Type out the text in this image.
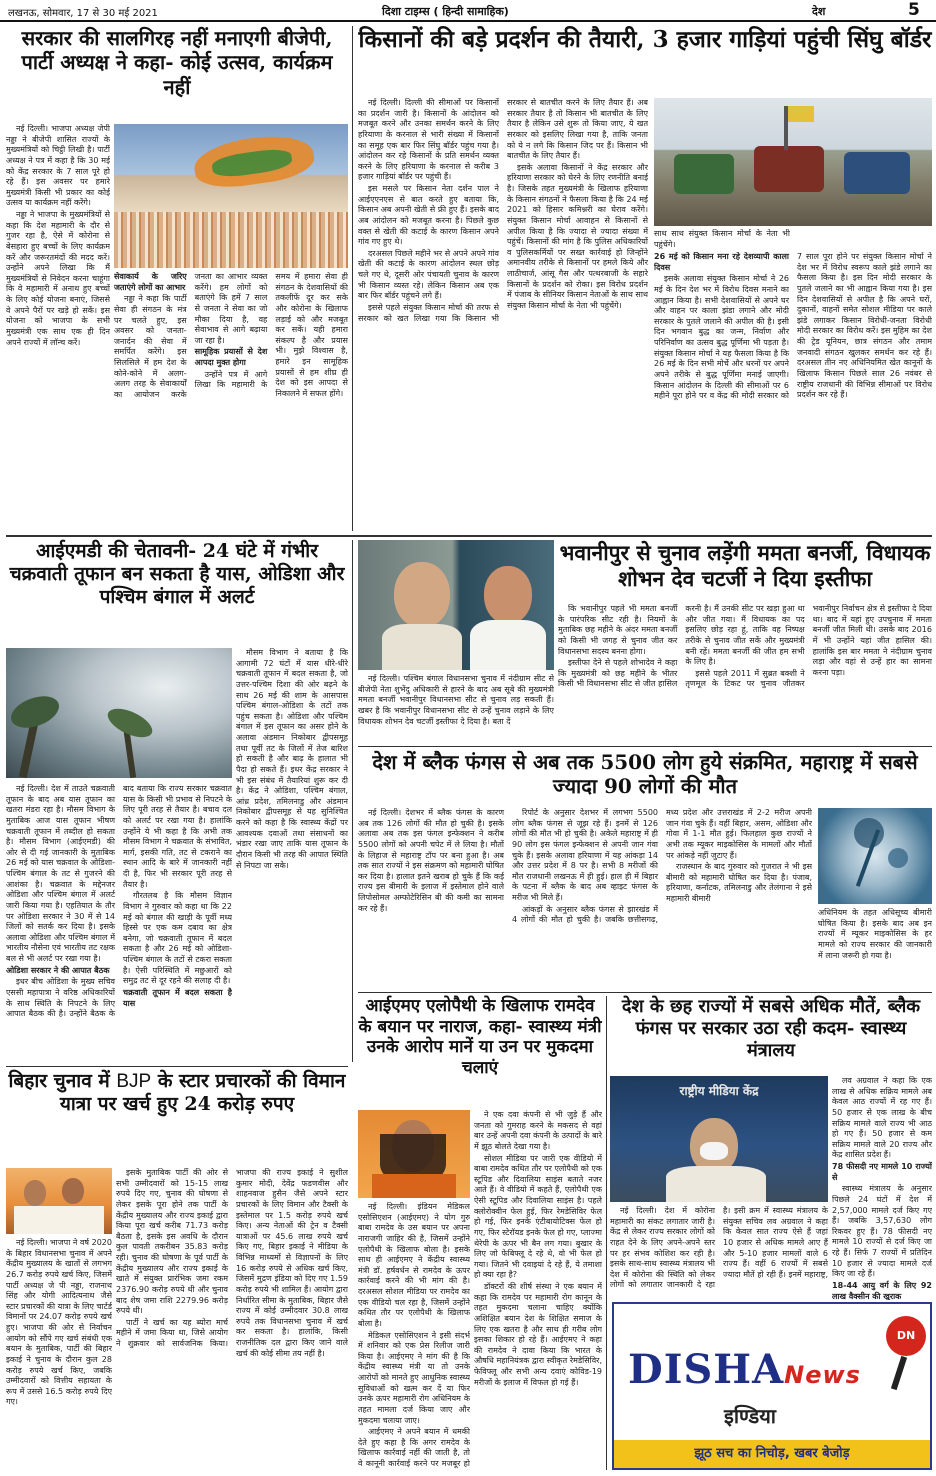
लखनऊ, सोमवार, 17 से 30 मई 2021	दिशा टाइम्स ( हिन्दी सामाहिक)	देश	5
सरकार की सालगिरह नहीं मनाएगी बीजेपी, पार्टी अध्यक्ष ने कहा- कोई उत्सव, कार्यक्रम नहीं

नई दिल्ली। भाजपा अध्यक्ष जेपी नड्डा ने बीजेपी शासित राज्यों के मुख्यमंत्रियों को चिट्ठी लिखी है। पार्टी अध्यक्ष ने पत्र में कहा है कि 30 मई को केंद्र सरकार के 7 साल पूरे हो रहे हैं। इस अवसर पर हमारे मुख्यमंत्री किसी भी प्रकार का कोई उत्सव या कार्यक्रम नहीं करेंगे।

नड्डा ने भाजपा के मुख्यमंत्रियों से कहा कि देश महामारी के दौर से गुजर रहा है, ऐसे में कोरोना से बेसहारा हुए बच्चों के लिए कार्यक्रम करें और जरूरतमंदों की मदद करें। उन्होंने अपने लिखा कि मैं मुख्यमंत्रियों से निवेदन करना चाहूंगा कि वे महामारी में अनाथ हुए बच्चों के लिए कोई योजना बनाएं, जिससे वे अपने पैरों पर खड़े हो सकें। इस योजना को भाजपा के सभी मुख्यमंत्री एक साथ एक ही दिन अपने राज्यों में लॉन्च करें।

सेवाकार्य के जरिए जताएंगे लोगों का आभार

नड्डा ने कहा कि पार्टी सेवा ही संगठन के मंत्र पर चलते हुए, इस अवसर को जनता-जनार्दन की सेवा में समर्पित करेंगे। इस सिलसिले में हम देश के कोने-कोने में अलग-अलग तरह के सेवाकार्यों का आयोजन करके जनता का आभार व्यक्त करेंगे। हम लोगों को बताएंगे कि हमें 7 साल से जनता ने सेवा का जो मौका दिया है, वह सेवाभाव से आगे बढ़ाया जा रहा है।

सामूहिक प्रयासों से देश आपदा मुक्त होगा

उन्होंने पत्र में आगे लिखा कि महामारी के समय में हमारा सेवा ही संगठन के देशवासियों की तकलीफें दूर कर सके और कोरोना के खिलाफ लड़ाई को और मजबूत कर सकें। यही हमारा संकल्प है और प्रयास भी। मुझे विश्वास है, हमारे इन सामूहिक प्रयासों से हम शीघ्र ही देश को इस आपदा से निकालने में सफल होंगे।

किसानों की बड़े प्रदर्शन की तैयारी, 3 हजार गाड़ियां पहुंची सिंघु बॉर्डर

साथ साथ संयुक्त किसान मोर्चा के नेता भी पहुंचेंगे।

नई दिल्ली। दिल्ली की सीमाओं पर किसानों का प्रदर्शन जारी है। किसानों के आंदोलन को मजबूत करने और उनका समर्थन करने के लिए हरियाणा के करनाल से भारी संख्या में किसानों का समूह एक बार फिर सिंघु बॉर्डर पहुंच गया है। आंदोलन कर रहे किसानों के प्रति समर्थन व्यक्त करने के लिए हरियाणा के करनाल से करीब 3 हजार गाड़ियां बॉर्डर पर पहुंची हैं।

इस मसले पर किसान नेता दर्शन पाल ने आईएएनएस से बात करते हुए बताया कि, किसान अब अपनी खेती से फ्री हुए हैं। इसके बाद अब आंदोलन को मजबूत करना है। पिछले कुछ वक्त से खेती की कटाई के कारण किसान अपने गांव गए हुए थे।

दरअसल पिछले महीने भर से अपने अपने गांव खेती की कटाई के कारण आंदोलन स्थल छोड़ चले गए थे, दूसरी ओर पंचायती चुनाव के कारण भी किसान व्यस्त रहे। लेकिन किसान अब एक बार फिर बॉर्डर पहुंचने लगे हैं।

इससे पहले संयुक्त किसान मोर्चा की तरफ से सरकार को खत लिखा गया कि किसान भी सरकार से बातचीत करने के लिए तैयार हैं। अब सरकार तैयार है तो किसान भी बातचीत के लिए तैयार है लेकिन उसे शुरू तो किया जाए, ये खत सरकार को इसलिए लिखा गया है, ताकि जनता को ये न लगे कि किसान जिद पर हैं। किसान भी बातचीत के लिए तैयार हैं।

इसके अलावा किसानों ने केंद्र सरकार और हरियाणा सरकार को घेरने के लिए रणनीति बनाई है। जिसके तहत मुख्यमंत्री के खिलाफ हरियाणा के किसान संगठनों ने फैसला किया है कि 24 मई 2021 को हिसार कमिश्नरी का घेराव करेंगे। संयुक्त किसान मोर्चा आवाहन से किसानों से अपील किया है कि ज्यादा से ज्यादा संख्या में पहुंचें। किसानों की मांग है कि पुलिस अधिकारियों व पुलिसकर्मियों पर सख्त कार्रवाई हो जिन्होंने अमानवीय तरीके से किसानों पर हमले किये और लाठीचार्ज, आंसू गैस और पत्थरबाजी के सहारे किसानों के प्रदर्शन को रोका। इस विरोध प्रदर्शन में पंजाब के सीनियर किसान नेताओं के साथ साथ संयुक्त किसान मोर्चा के नेता भी पहुंचेंगे।

26 मई को किसान मना रहे देशव्यापी काला दिवस

इसके अलावा संयुक्त किसान मोर्चा ने 26 मई के दिन देश भर में विरोध दिवस मनाने का आह्वान किया है। सभी देशवासियों से अपने घर और वाहन पर काला झंडा लगाने और मोदी सरकार के पुतले जलाने की अपील की है। इसी दिन भगवान बुद्ध का जन्म, निर्वाण और परिनिर्वाण का उत्सव बुद्ध पूर्णिमा भी पड़ता है। संयुक्त किसान मोर्चा ने यह फैसला किया है कि 26 मई के दिन सभी मोर्चे और धरनों पर अपने अपने तरीके से बुद्ध पूर्णिमा मनाई जाएगी। किसान आंदोलन के दिल्ली की सीमाओं पर 6 महीने पूरा होने पर व केंद्र की मोदी सरकार को 7 साल पूरा होने पर संयुक्त किसान मोर्चा ने देश भर में विरोध स्वरूप काले झंडे लगाने का फैसला किया है। इस दिन मोदी सरकार के पुतले जलाने का भी आह्वान किया गया है। इस दिन देशवासियों से अपील है कि अपने घरों, दुकानों, वाहनों समेत सोशल मीडिया पर काले झंडे लगाकर किसान विरोधी-जनता विरोधी मोदी सरकार का विरोध करें। इस मुहिम का देश की ट्रेड यूनियन, छात्र संगठन और तमाम जनवादी संगठन खुलकर समर्थन कर रहे हैं। दरअसल तीन नए अधिनियमित खेत कानूनों के खिलाफ किसान पिछले साल 26 नवंबर से राष्ट्रीय राजधानी की विभिन्न सीमाओं पर विरोध प्रदर्शन कर रहे हैं।

आईएमडी की चेतावनी- 24 घंटे में गंभीर चक्रवाती तूफान बन सकता है यास, ओडिशा और पश्चिम बंगाल में अलर्ट

मौसम विभाग ने बताया है कि आगामी 72 घंटों में यास धीरे-धीरे चक्रवाती तूफान में बदल सकता है, जो उत्तर-पश्चिम दिशा की ओर बढ़ने के साथ 26 मई की शाम के आसपास पश्चिम बंगाल-ओडिशा के तटों तक पहुंच सकता है। ओडिशा और पश्चिम बंगाल में इस तूफान का असर होने के अलावा अंडमान निकोबार द्वीपसमूह तथा पूर्वी तट के जिलों में तेज बारिश हो सकती है और बाढ़ के हालात भी पैदा हो सकते हैं। इधर केंद्र सरकार ने भी इस संबंध में तैयारियां शुरू कर दी है। केंद्र ने ओडिशा, पश्चिम बंगाल, आंध्र प्रदेश, तमिलनाडु और अंडमान निकोबार द्वीपसमूह से यह सुनिश्चित करने को कहा है कि स्वास्थ्य केंद्रों पर आवश्यक दवाओं तथा संसाधनों का भंडार रखा जाए ताकि यास तूफान के दौरान किसी भी तरह की आपात स्थिति से निपटा जा सके।

नई दिल्ली। देश में ताउते चक्रवाती तूफान के बाद अब यास तूफान का खतरा मंडरा रहा है। मौसम विभाग के मुताबिक आज यास तूफान भीषण चक्रवाती तूफान में तब्दील हो सकता है। मौसम विभाग (आईएमडी) की ओर से दी गई जानकारी के मुताबिक 26 मई को यास चक्रवात के ओडिशा-पश्चिम बंगाल के तट से गुजरने की आशंका है। चक्रवात के मद्देनजर ओडिशा और पश्चिम बंगाल में अलर्ट जारी किया गया है। एहतियात के तौर पर ओडिशा सरकार ने 30 में से 14 जिलों को सतर्क कर दिया है। इसके अलावा ओडिशा और पश्चिम बंगाल में भारतीय नौसेना एवं भारतीय तट रक्षक बल से भी अलर्ट पर रखा गया है।

ओडिशा सरकार ने की आपात बैठक

इधर बीच ओडिशा के मुख्य सचिव एससी महापात्रा ने वरिष्ठ अधिकारियों के साथ स्थिति के निपटने के लिए आपात बैठक की है। उन्होंने बैठक के बाद बताया कि राज्य सरकार चक्रवात यास के किसी भी प्रभाव से निपटने के लिए पूरी तरह से तैयार है। बचाव दल को अलर्ट पर रखा गया है। हालांकि उन्होंने ये भी कहा है कि अभी तक मौसम विभाग ने चक्रवात के संभावित, मार्ग, इसकी गति, तट से टकराने का स्थान आदि के बारे में जानकारी नहीं दी है, फिर भी सरकार पूरी तरह से तैयार है।

गौरतलब है कि मौसम विज्ञान विभाग ने गुरुवार को कहा था कि 22 मई को बंगाल की खाड़ी के पूर्वी मध्य हिस्से पर एक कम दबाव का क्षेत्र बनेगा, जो चक्रवाती तूफान में बदल सकता है और 26 मई को ओडिशा-पश्चिम बंगाल के तटों से टकरा सकता है। ऐसी परिस्थिति में मछुआरों को समुद्र तट से दूर रहने की सलाह दी है।

चक्रवाती तूफान में बदल सकता है यास

भवानीपुर से चुनाव लड़ेंगी ममता बनर्जी, विधायक शोभन देव चटर्जी ने दिया इस्तीफा

नई दिल्ली। पश्चिम बंगाल विधानसभा चुनाव में नंदीग्राम सीट से बीजेपी नेता शुभेंदु अधिकारी से हारने के बाद अब सूबे की मुख्यमंत्री ममता बनर्जी भवानीपुर विधानसभा सीट से चुनाव लड़ सकती हैं। खबर है कि भवानीपुर विधानसभा सीट से उन्हें चुनाव लड़ाने के लिए विधायक शोभन देव चटर्जी इस्तीफा दे दिया है। बता दें

कि भवानीपुर पहले भी ममता बनर्जी के पारंपरिक सीट रही है। नियमों के मुताबिक छह महीने के अंदर ममता बनर्जी को किसी भी जगह से चुनाव जीत कर विधानसभा सदस्य बनना होगा।

इस्तीफा देने से पहले शोभादेव ने कहा कि मुख्यमंत्री को छह महीने के भीतर किसी भी विधानसभा सीट से जीत हासिल करनी है। मैं उनकी सीट पर खड़ा हुआ था और जीत गया। मैं विधायक का पद इसलिए छोड़ रहा हूं, ताकि वह निष्पक्ष तरीके से चुनाव जीत सकें और मुख्यमंत्री बनी रहें। ममता बनर्जी की जीत हम सभी के लिए है।

इससे पहले 2011 में सुब्रत बक्शी ने तृणमूल के टिकट पर चुनाव जीतकर भवानीपुर निर्वाचन क्षेत्र से इस्तीफा दे दिया था। बाद में यहां हुए उपचुनाव में ममता बनर्जी जीत मिली थी। उसके बाद 2016 में भी उन्होंने यहां जीत हासिल की। हालांकि इस बार ममता ने नंदीग्राम चुनाव लड़ा और वहां से उन्हें हार का सामना करना पड़ा।

देश में ब्लैक फंगस से अब तक 5500 लोग हुये संक्रमित, महाराष्ट्र में सबसे ज्यादा 90 लोगों की मौत

अधिनियम के तहत अधिसूच्य बीमारी घोषित किया है। इसके बाद अब इन राज्यों में म्यूकर माइकोसिस के हर मामले को राज्य सरकार की जानकारी में लाना जरूरी हो गया है।

नई दिल्ली। देशभर में ब्लैक फंगस के कारण अब तक 126 लोगों की मौत हो चुकी है। इसके अलावा अब तक इस फंगल इन्फेक्शन ने करीब 5500 लोगों को अपनी चपेट में ले लिया है। मौतों के लिहाज से महाराष्ट्र टॉप पर बना हुआ है। अब तक सात राज्यों ने इस संक्रमण को महामारी घोषित कर दिया है। हालात इतने खराब हो चुके हैं कि कई राज्य इस बीमारी के इलाज में इस्तेमाल होने वाले लिपोसोमल अम्फोटेरिसिन बी की कमी का सामना कर रहे हैं।

रिपोर्ट के अनुसार देशभर में लगभग 5500 लोग ब्लैक फंगस से जूझ रहे हैं। इनमें से 126 लोगों की मौत भी हो चुकी है। अकेले महाराष्ट्र में ही 90 लोग इस फंगल इन्फेक्शन से अपनी जान गंवा चुके हैं। इसके अलावा हरियाणा में यह आंकड़ा 14 और उत्तर प्रदेश में 8 पर है। सभी 8 मरीजों की मौत राजधानी लखनऊ में ही हुई। हाल ही में बिहार के पटना में ब्लैक के बाद अब व्हाइट फंगस के मरीज भी मिले हैं।

आंकड़ों के अनुसार ब्लैक फंगस से झारखंड में 4 लोगों की मौत हो चुकी है। जबकि छत्तीसगढ़, मध्य प्रदेश और उत्तराखंड में 2-2 मरीज अपनी जान गंवा चुके हैं। वहीं बिहार, असम, ओडिशा और गोवा में 1-1 मौत हुई। फिलहाल कुछ राज्यों ने अभी तक म्यूकर माइकोसिस के मामलों और मौतों पर आंकड़े नहीं जुटाए हैं।

राजस्थान के बाद गुरुवार को गुजरात ने भी इस बीमारी को महामारी घोषित कर दिया है। पंजाब, हरियाणा, कर्नाटक, तमिलनाडु और तेलंगाना ने इसे महामारी बीमारी

आईएमए एलोपैथी के खिलाफ रामदेव के बयान पर नाराज, कहा- स्वास्थ्य मंत्री उनके आरोप मानें या उन पर मुकदमा चलाएं

ने एक दवा कंपनी से भी जुड़े हैं और जनता को गुमराह करने के मकसद से वहां बार उन्हें अपनी दवा कंपनी के उत्पादों के बारे में झूठ बोलते देखा गया है।

सोशल मीडिया पर जारी एक वीडियो में बाबा रामदेव कथित तौर पर एलोपैथी को एक स्टूपिड और दिवालिया साइंस बताते नजर आते हैं। वे वीडियो में कहते हैं, एलोपैथी एक ऐसी स्टूपिड और दिवालिया साइंस है। पहले क्लोरोक्वीन फेल हुई, फिर रेमडेसिविर फेल हो गई, फिर इनके एंटीबायोटिक्स फेल हो गए, फिर स्टेरॉयड इनके फेल हो गए, प्लाज्मा थेरेपी के ऊपर भी बैन लग गया। बुखार के लिए जो फेबिफ्लू दे रहे थे, वो भी फेल हो गया। जितने भी दवाइयां दे रहे हैं, ये तमाशा हो क्या रहा है?

डॉक्टरों की शीर्ष संस्था ने एक बयान में कहा कि रामदेव पर महामारी रोग कानून के तहत मुकदमा चलाना चाहिए क्योंकि अशिक्षित बयान देश के शिक्षित समाज के लिए एक खतरा है और साथ ही गरीब लोग इसका शिकार हो रहे हैं। आईएमए ने कहा की रामदेव ने दावा किया कि भारत के औषधि महानियंत्रक द्वारा स्वीकृत रेमडेसिविर, फेविफ्लू और सभी अन्य दवाएं कोविड-19 मरीजों के इलाज में विफल हो गई हैं।

नई दिल्ली। इंडियन मेडिकल एसोसिएशन (आईएमए) ने योग गुरु बाबा रामदेव के उस बयान पर अपना नाराजगी जाहिर की है, जिसमें उन्होंने एलोपैथी के खिलाफ बोला है। इसके साथ ही आईएमए ने केंद्रीय स्वास्थ्य मंत्री डॉ. हर्षवर्धन से रामदेव के ऊपर कार्रवाई करने की भी मांग की है। दरअसल सोशल मीडिया पर रामदेव का एक वीडियो चल रहा है, जिसमें उन्होंने कथित तौर पर एलोपैथी के खिलाफ बोला है।

मेडिकल एसोसिएशन ने इसी संदर्भ में शनिवार को एक प्रेस रिलीज जारी किया है। आईएमए ने मांग की है कि केंद्रीय स्वास्थ्य मंत्री या तो उनके आरोपों को मानते हुए आधुनिक स्वास्थ्य सुविधाओं को खत्म कर दें या फिर उनके ऊपर महामारी रोग अधिनियम के तहत मामला दर्ज किया जाए और मुकदमा चलाया जाए।

आईएमए ने अपने बयान में धमकी देते हुए कहा है कि अगर रामदेव के खिलाफ कार्रवाई नहीं की जाती है, तो वे कानूनी कार्रवाई करने पर मजबूर हो

देश के छह राज्यों में सबसे अधिक मौतें, ब्लैक फंगस पर सरकार उठा रही कदम- स्वास्थ्य मंत्रालय
राष्ट्रीय मीडिया केंद्र

लव अग्रवाल ने कहा कि एक लाख से अधिक सक्रिय मामले अब केवल आठ राज्यों में रह गए हैं। 50 हजार से एक लाख के बीच सक्रिय मामले वाले राज्य भी आठ हो गए हैं। 50 हजार से कम सक्रिय मामले वाले 20 राज्य और केंद्र शासित प्रदेश हैं।

78 फीसदी नए मामले 10 राज्यों से

स्वास्थ्य मंत्रालय के अनुसार पिछले 24 घंटों में देश में 2,57,000 मामले दर्ज किए गए हैं। जबकि 3,57,630 लोग रिकवर हुए हैं। 78 फीसदी नए मामले 10 राज्यों से दर्ज किए जा रहे हैं। सिर्फ 7 राज्यों में प्रतिदिन 10 हजार से ज्यादा मामले दर्ज किए जा रहे हैं।

18-44 आयु वर्ग के लिए 92 लाख वैक्सीन की खुराक

नई दिल्ली। देश में कोरोना महामारी का संकट लगातार जारी है। केंद्र से लेकर राज्य सरकार लोगों को राहत देने के लिए अपने-अपने स्तर पर हर संभव कोशिश कर रही है। इसके साथ-साथ स्वास्थ्य मंत्रालय भी देश में कोरोना की स्थिति को लेकर लोगों को लगातार जानकारी दे रहा है। इसी क्रम में स्वास्थ्य मंत्रालय के संयुक्त सचिव लव अग्रवाल ने कहा कि केवल सात राज्य ऐसे हैं जहां 10 हजार से अधिक मामले आए हैं और 5-10 हजार मामलों वाले 6 राज्य हैं। वहीं 6 राज्यों में सबसे ज्यादा मौतें हो रही हैं। इनमें महाराष्ट्र,

बिहार चुनाव में BJP के स्टार प्रचारकों की विमान यात्रा पर खर्च हुए 24 करोड़ रुपए

नई दिल्ली। भाजपा ने वर्ष 2020 के बिहार विधानसभा चुनाव में अपने केंद्रीय मुख्यालय के खातों से लगभग 26.7 करोड़ रुपये खर्च किए, जिसमें पार्टी अध्यक्ष जे पी नड्डा, राजनाथ सिंह और योगी आदित्यनाथ जैसे स्टार प्रचारकों की यात्रा के लिए चार्टर्ड विमानों पर 24.07 करोड़ रुपये खर्च हुए। भाजपा की ओर से निर्वाचन आयोग को सौंपे गए खर्च संबंधी एक बयान के मुताबिक, पार्टी की बिहार इकाई ने चुनाव के दौरान कुल 28 करोड़ रुपये खर्च किए, जबकि उम्मीदवारों को वित्तीय सहायता के रूप में उससे 16.5 करोड़ रुपये दिए गए।

इसके मुताबिक पार्टी की ओर से सभी उम्मीदवारों को 15-15 लाख रुपये दिए गए, चुनाव की घोषणा से लेकर इसके पूरा होने तक पार्टी के केंद्रीय मुख्यालय और राज्य इकाई द्वारा किया पूरा खर्च करीब 71.73 करोड़ बैठता है, इसके इस अवधि के दौरान कुल पावती तकरीबन 35.83 करोड़ रही। चुनाव की घोषणा के पूर्व पार्टी के केंद्रीय मुख्यालय और राज्य इकाई के खाते में संयुक्त प्रारंभिक जमा रकम 2376.90 करोड़ रुपये थी और चुनाव बाद शेष जमा राशि 2279.96 करोड़ रुपये थी।

पार्टी ने खर्च का यह ब्योरा मार्च महीने में जमा किया था, जिसे आयोग ने शुक्रवार को सार्वजनिक किया। भाजपा की राज्य इकाई ने सुशील कुमार मोदी, देवेंद्र फडणवीस और शाहनवाज हुसैन जैसे अपने स्टार प्रचारकों के लिए विमान और टैक्सी के इस्तेमाल पर 1.5 करोड़ रुपये खर्च किए। अन्य नेताओं की ट्रेन व टैक्सी यात्राओं पर 45.6 लाख रुपये खर्च किए गए, बिहार इकाई ने मीडिया के विभिन्न माध्यमों से विज्ञापनों के लिए 16 करोड़ रुपये से अधिक खर्च किए, जिसमें मुद्रण इंडिया को दिए गए 1.59 करोड़ रुपये भी शामिल हैं। आयोग द्वारा निर्धारित सीमा के मुताबिक, बिहार जैसे राज्य में कोई उम्मीदवार 30.8 लाख रुपये तक विधानसभा चुनाव में खर्च कर सकता है। हालांकि, किसी राजनीतिक दल द्वारा किए जाने वाले खर्च की कोई सीमा तय नहीं है।	DISHANews
DN
इण्डिया
झूठ सच का निचोड़, खबर बेजोड़
